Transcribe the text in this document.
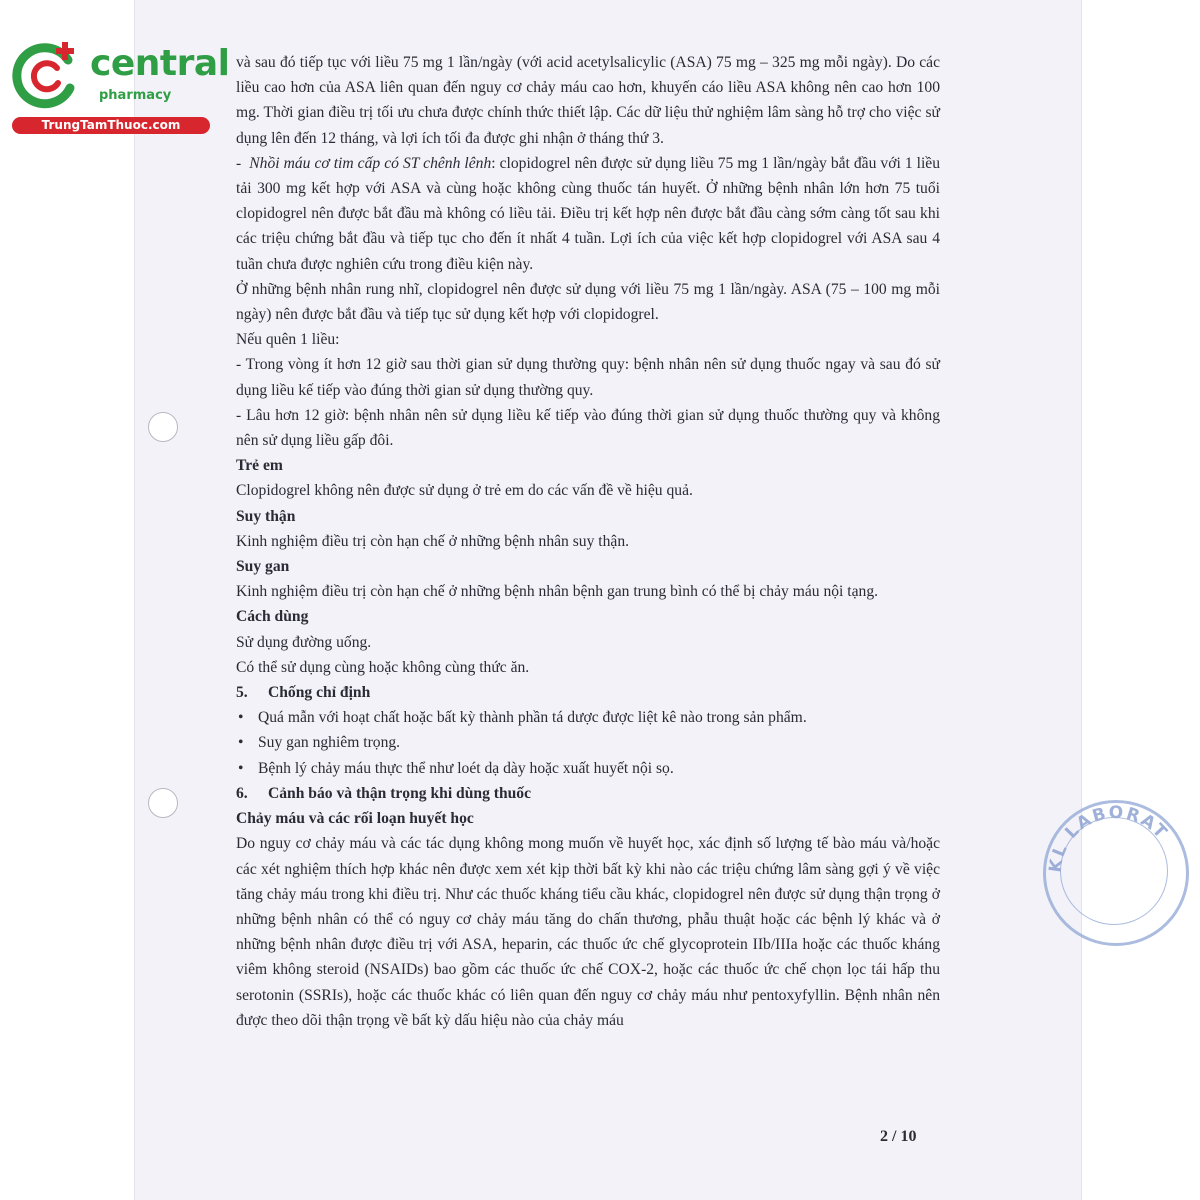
KL LABORAT
central
pharmacy
TrungTamThuoc.com

và sau đó tiếp tục với liều 75 mg 1 lần/ngày (với acid acetylsalicylic (ASA) 75 mg – 325 mg mỗi ngày). Do các liều cao hơn của ASA liên quan đến nguy cơ chảy máu cao hơn, khuyến cáo liều ASA không nên cao hơn 100 mg. Thời gian điều trị tối ưu chưa được chính thức thiết lập. Các dữ liệu thử nghiệm lâm sàng hỗ trợ cho việc sử dụng lên đến 12 tháng, và lợi ích tối đa được ghi nhận ở tháng thứ 3.

- Nhồi máu cơ tim cấp có ST chênh lênh: clopidogrel nên được sử dụng liều 75 mg 1 lần/ngày bắt đầu với 1 liều tải 300 mg kết hợp với ASA và cùng hoặc không cùng thuốc tán huyết. Ở những bệnh nhân lớn hơn 75 tuổi clopidogrel nên được bắt đầu mà không có liều tải. Điều trị kết hợp nên được bắt đầu càng sớm càng tốt sau khi các triệu chứng bắt đầu và tiếp tục cho đến ít nhất 4 tuần. Lợi ích của việc kết hợp clopidogrel với ASA sau 4 tuần chưa được nghiên cứu trong điều kiện này.

Ở những bệnh nhân rung nhĩ, clopidogrel nên được sử dụng với liều 75 mg 1 lần/ngày. ASA (75 – 100 mg mỗi ngày) nên được bắt đầu và tiếp tục sử dụng kết hợp với clopidogrel.

Nếu quên 1 liều:

- Trong vòng ít hơn 12 giờ sau thời gian sử dụng thường quy: bệnh nhân nên sử dụng thuốc ngay và sau đó sử dụng liều kế tiếp vào đúng thời gian sử dụng thường quy.

- Lâu hơn 12 giờ: bệnh nhân nên sử dụng liều kế tiếp vào đúng thời gian sử dụng thuốc thường quy và không nên sử dụng liều gấp đôi.

Trẻ em

Clopidogrel không nên được sử dụng ở trẻ em do các vấn đề về hiệu quả.

Suy thận

Kinh nghiệm điều trị còn hạn chế ở những bệnh nhân suy thận.

Suy gan

Kinh nghiệm điều trị còn hạn chế ở những bệnh nhân bệnh gan trung bình có thể bị chảy máu nội tạng.

Cách dùng

Sử dụng đường uống.

Có thể sử dụng cùng hoặc không cùng thức ăn.

5. Chống chỉ định

• Quá mẫn với hoạt chất hoặc bất kỳ thành phần tá dược được liệt kê nào trong sản phẩm.

• Suy gan nghiêm trọng.

• Bệnh lý chảy máu thực thể như loét dạ dày hoặc xuất huyết nội sọ.

6. Cảnh báo và thận trọng khi dùng thuốc

Chảy máu và các rối loạn huyết học

Do nguy cơ chảy máu và các tác dụng không mong muốn về huyết học, xác định số lượng tế bào máu và/hoặc các xét nghiệm thích hợp khác nên được xem xét kịp thời bất kỳ khi nào các triệu chứng lâm sàng gợi ý về việc tăng chảy máu trong khi điều trị. Như các thuốc kháng tiểu cầu khác, clopidogrel nên được sử dụng thận trọng ở những bệnh nhân có thể có nguy cơ chảy máu tăng do chấn thương, phẫu thuật hoặc các bệnh lý khác và ở những bệnh nhân được điều trị với ASA, heparin, các thuốc ức chế glycoprotein IIb/IIIa hoặc các thuốc kháng viêm không steroid (NSAIDs) bao gồm các thuốc ức chế COX-2, hoặc các thuốc ức chế chọn lọc tái hấp thu serotonin (SSRIs), hoặc các thuốc khác có liên quan đến nguy cơ chảy máu như pentoxyfyllin. Bệnh nhân nên được theo dõi thận trọng về bất kỳ dấu hiệu nào của chảy máu

2 / 10
